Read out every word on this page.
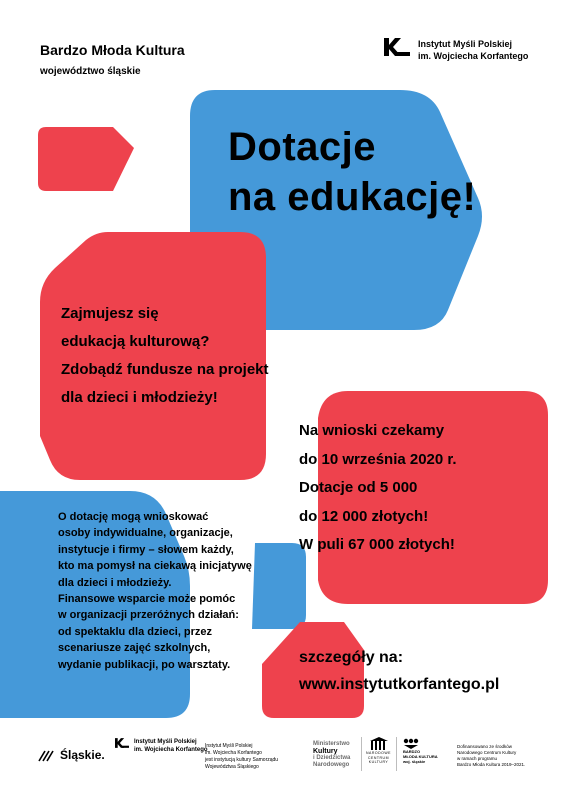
Bardzo Młoda Kultura
województwo śląskie
Instytut Myśli Polskiej
im. Wojciecha Korfantego
Dotacje
na edukację!
Zajmujesz się
edukacją kulturową?
Zdobądź fundusze na projekt
dla dzieci i młodzieży!
Na wnioski czekamy
do 10 września 2020 r.
Dotacje od 5 000
do 12 000 złotych!
W puli 67 000 złotych!
O dotację mogą wnioskować
osoby indywidualne, organizacje,
instytucje i firmy – słowem każdy,
kto ma pomysł na ciekawą inicjatywę
dla dzieci i młodzieży.
Finansowe wsparcie może pomóc
w organizacji przeróżnych działań:
od spektaklu dla dzieci, przez
scenariusze zajęć szkolnych,
wydanie publikacji, po warsztaty.	szczegóły na:
www.instytutkorfantego.pl
Śląskie.
Instytut Myśli Polskiej
im. Wojciecha Korfantego
Instytut Myśli Polskiej
im. Wojciecha Korfantego
jest instytucją kultury Samorządu
Województwa Śląskiego
Ministerstwo
Kultury
i Dziedzictwa
Narodowego
NARODOWE
CENTRUM
KULTURY
BARDZO
MŁODA KULTURA
woj. śląskie
Dofinansowano ze środków
Narodowego Centrum Kultury
w ramach programu
Bardzo Młoda Kultura 2019–2021.
